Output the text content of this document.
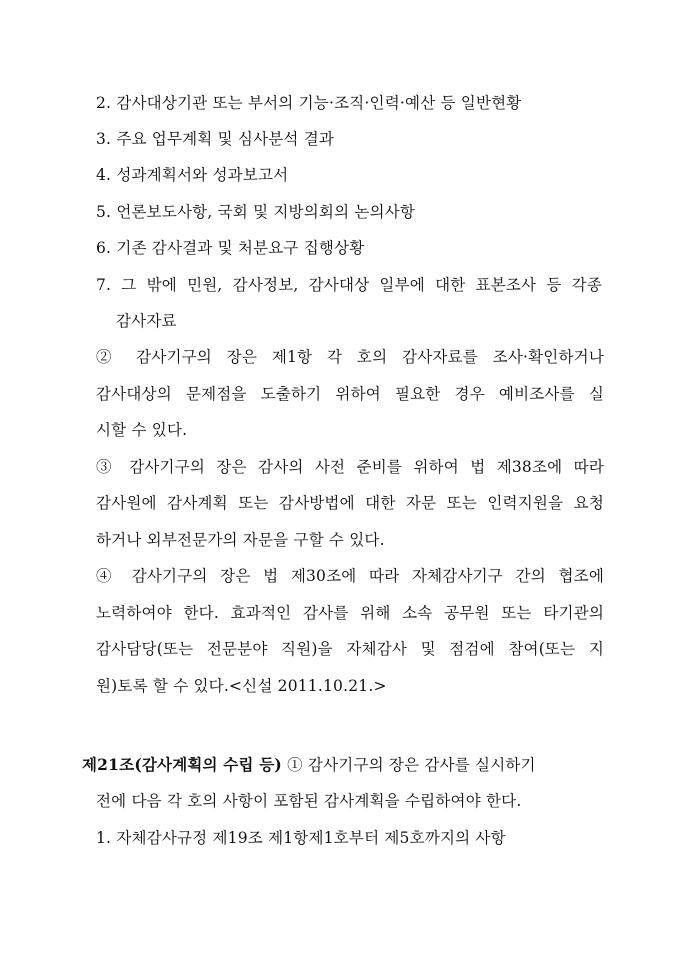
2. 감사대상기관 또는 부서의 기능·조직·인력·예산 등 일반현황
3. 주요 업무계획 및 심사분석 결과
4. 성과계획서와 성과보고서
5. 언론보도사항, 국회 및 지방의회의 논의사항
6. 기존 감사결과 및 처분요구 집행상황
7. 그 밖에 민원, 감사정보, 감사대상 일부에 대한 표본조사 등 각종
감사자료
② 감사기구의 장은 제1항 각 호의 감사자료를 조사·확인하거나
감사대상의 문제점을 도출하기 위하여 필요한 경우 예비조사를 실
시할 수 있다.
③ 감사기구의 장은 감사의 사전 준비를 위하여 법 제38조에 따라
감사원에 감사계획 또는 감사방법에 대한 자문 또는 인력지원을 요청
하거나 외부전문가의 자문을 구할 수 있다.
④ 감사기구의 장은 법 제30조에 따라 자체감사기구 간의 협조에
노력하여야 한다. 효과적인 감사를 위해 소속 공무원 또는 타기관의
감사담당(또는 전문분야 직원)을 자체감사 및 점검에 참여(또는 지
원)토록 할 수 있다.<신설 2011.10.21.>
제21조(감사계획의 수립 등) ① 감사기구의 장은 감사를 실시하기
전에 다음 각 호의 사항이 포함된 감사계획을 수립하여야 한다.
1. 자체감사규정 제19조 제1항제1호부터 제5호까지의 사항
